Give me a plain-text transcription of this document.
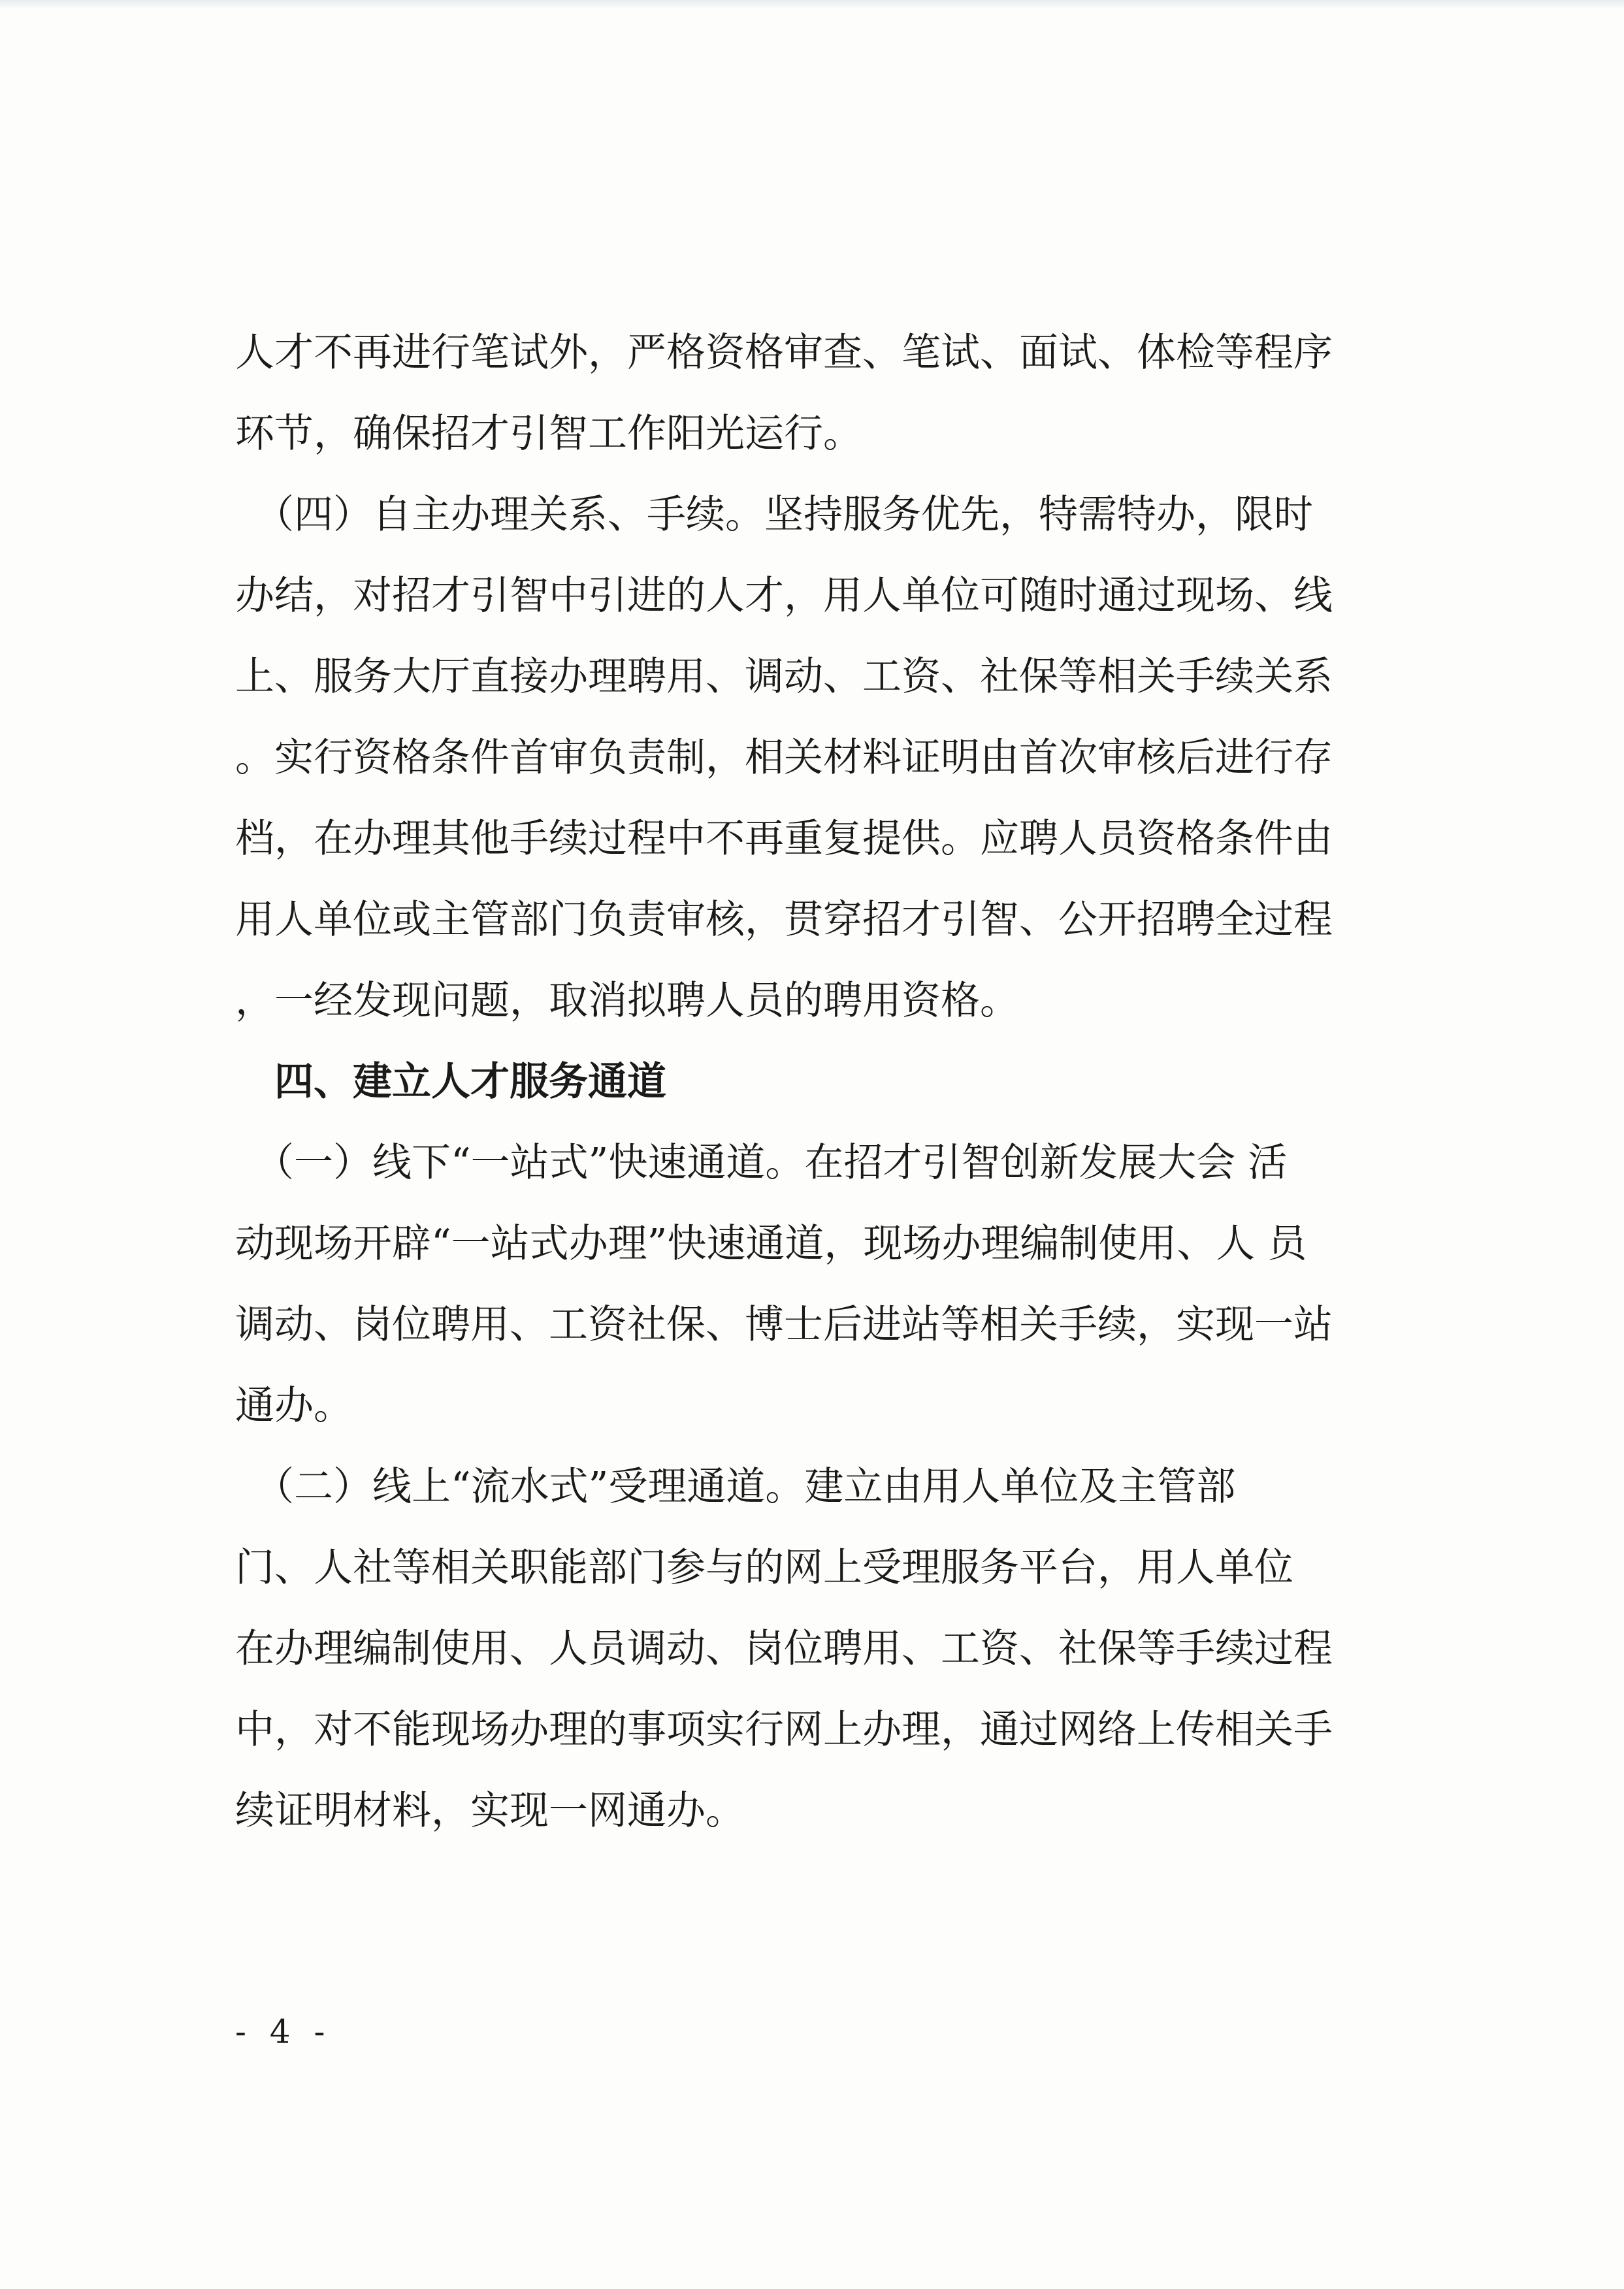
人才不再进行笔试外，严格资格审查、笔试、面试、体检等程序
环节，确保招才引智工作阳光运行。
　（四）自主办理关系、手续。坚持服务优先，特需特办，限时
办结，对招才引智中引进的人才，用人单位可随时通过现场、线
上、服务大厅直接办理聘用、调动、工资、社保等相关手续关系
。实行资格条件首审负责制，相关材料证明由首次审核后进行存
档，在办理其他手续过程中不再重复提供。应聘人员资格条件由
用人单位或主管部门负责审核，贯穿招才引智、公开招聘全过程
，一经发现问题，取消拟聘人员的聘用资格。
　四、建立人才服务通道
　（一）线下“一站式”快速通道。在招才引智创新发展大会 活
动现场开辟“一站式办理”快速通道，现场办理编制使用、人 员
调动、岗位聘用、工资社保、博士后进站等相关手续，实现一站
通办。
　（二）线上“流水式”受理通道。建立由用人单位及主管部
门、人社等相关职能部门参与的网上受理服务平台，用人单位
在办理编制使用、人员调动、岗位聘用、工资、社保等手续过程
中，对不能现场办理的事项实行网上办理，通过网络上传相关手
续证明材料，实现一网通办。
- 4 -
